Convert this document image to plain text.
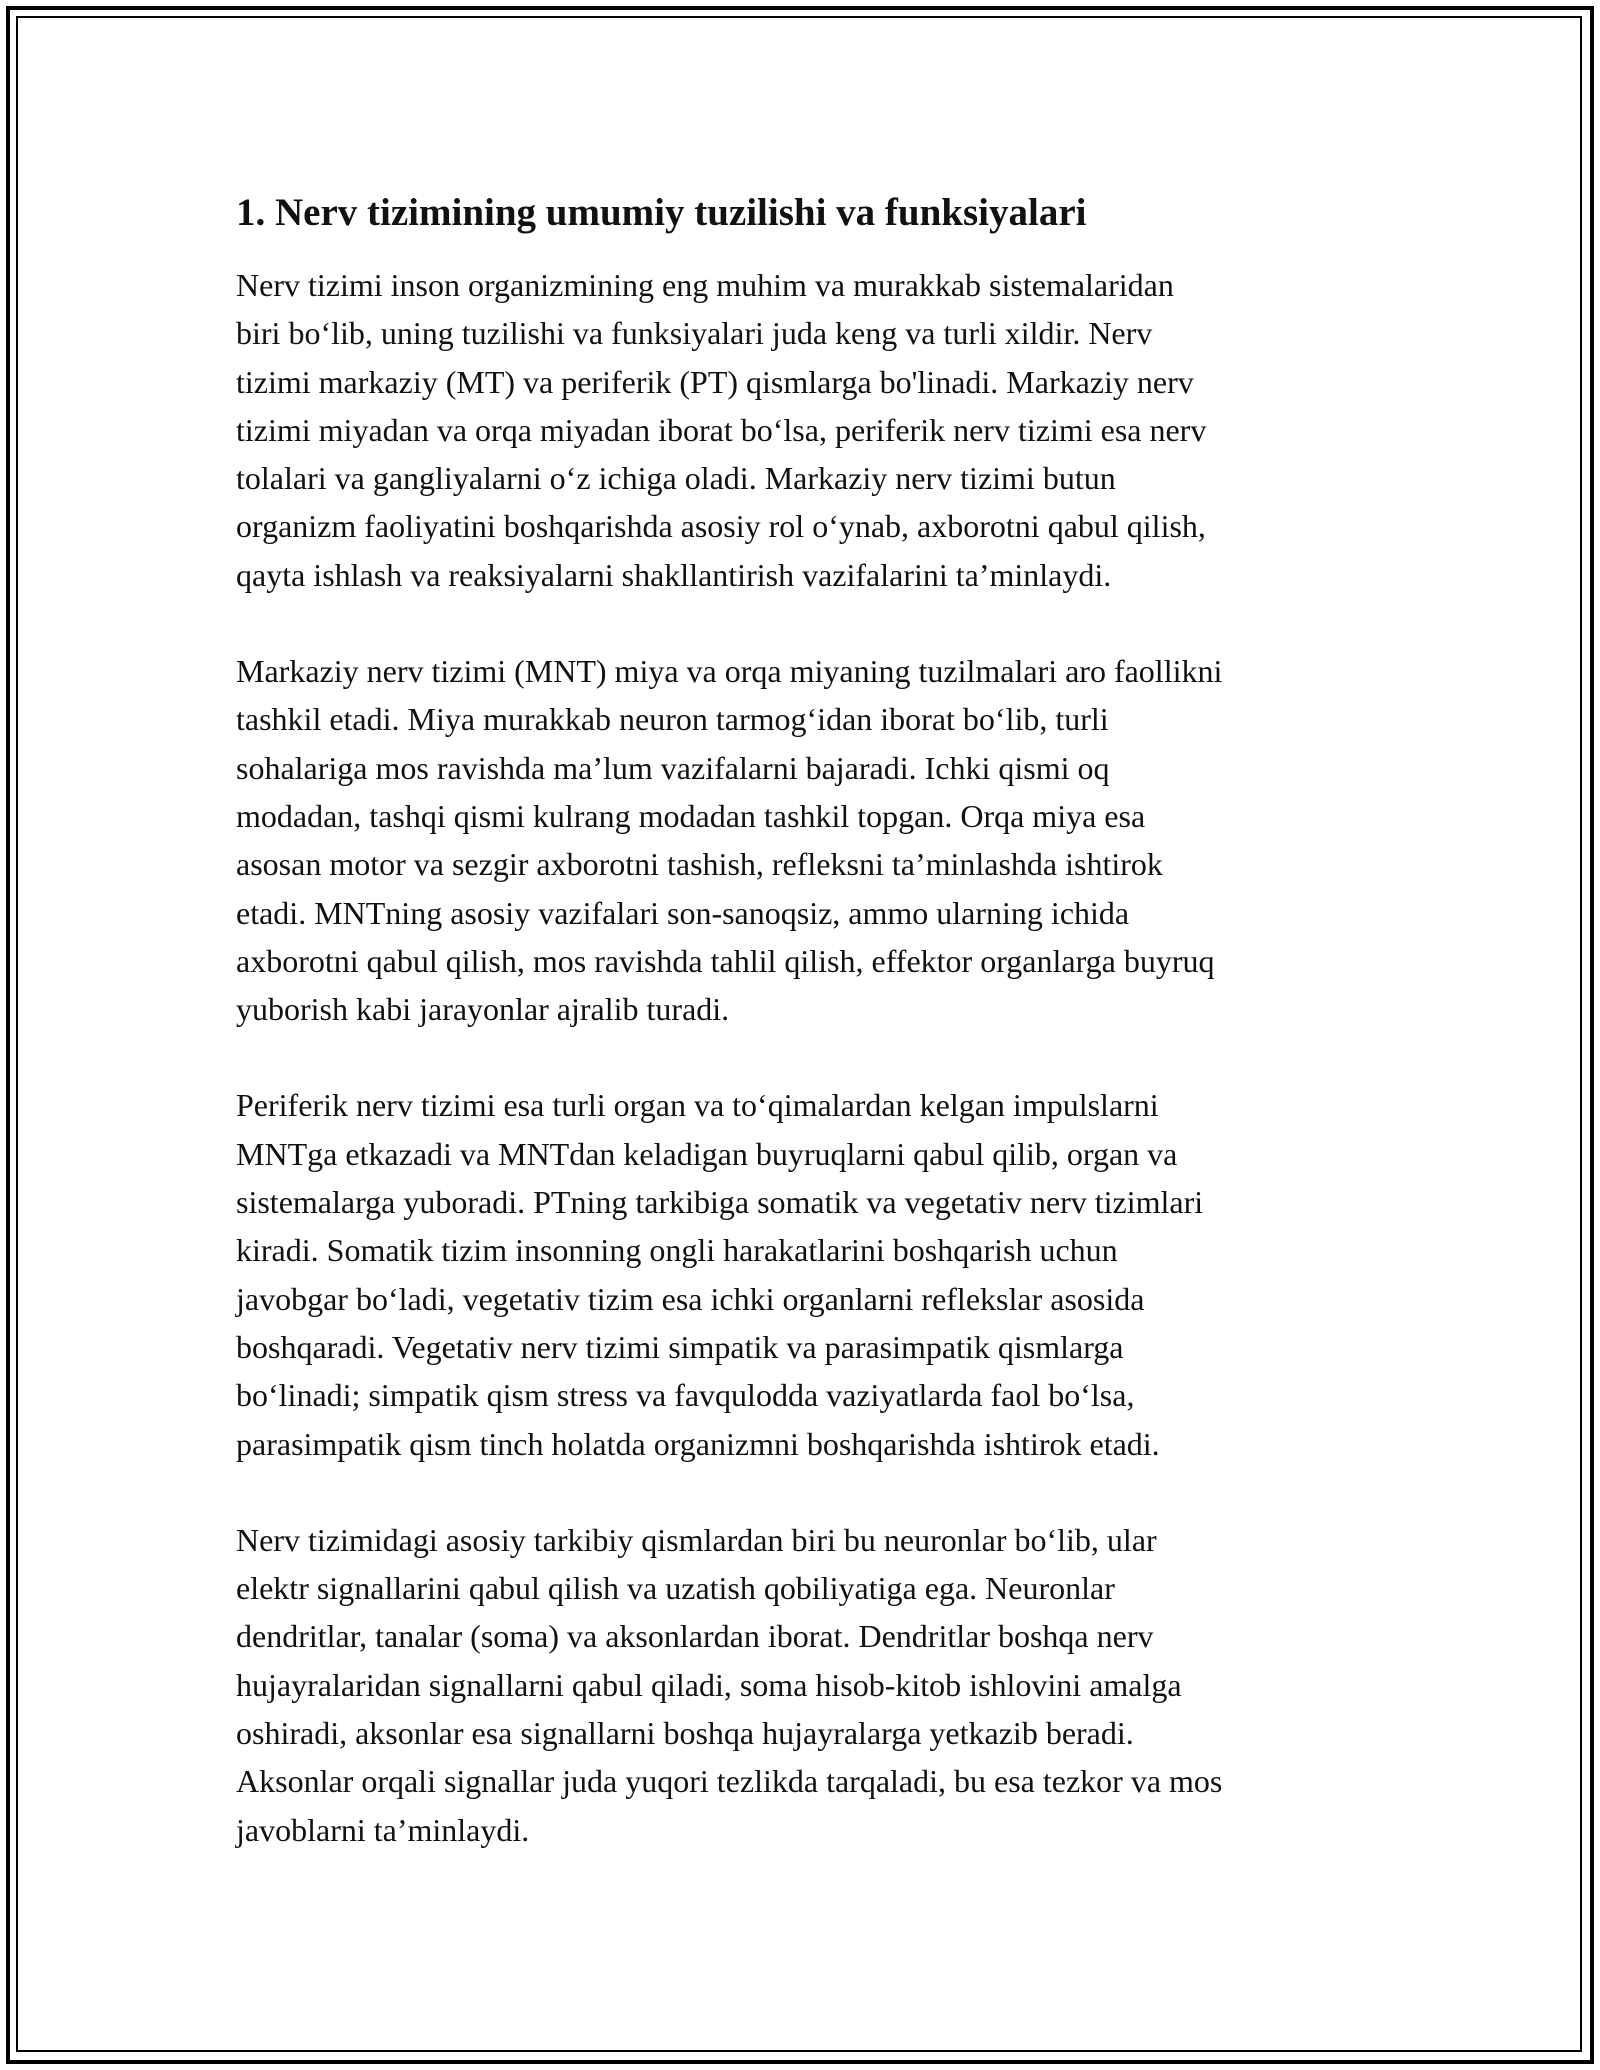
1. Nerv tizimining umumiy tuzilishi va funksiyalari

Nerv tizimi inson organizmining eng muhim va murakkab sistemalaridan
biri bo‘lib, uning tuzilishi va funksiyalari juda keng va turli xildir. Nerv
tizimi markaziy (MT) va periferik (PT) qismlarga bo'linadi. Markaziy nerv
tizimi miyadan va orqa miyadan iborat bo‘lsa, periferik nerv tizimi esa nerv
tolalari va gangliyalarni o‘z ichiga oladi. Markaziy nerv tizimi butun
organizm faoliyatini boshqarishda asosiy rol o‘ynab, axborotni qabul qilish,
qayta ishlash va reaksiyalarni shakllantirish vazifalarini ta’minlaydi.

Markaziy nerv tizimi (MNT) miya va orqa miyaning tuzilmalari aro faollikni
tashkil etadi. Miya murakkab neuron tarmog‘idan iborat bo‘lib, turli
sohalariga mos ravishda ma’lum vazifalarni bajaradi. Ichki qismi oq
modadan, tashqi qismi kulrang modadan tashkil topgan. Orqa miya esa
asosan motor va sezgir axborotni tashish, refleksni ta’minlashda ishtirok
etadi. MNTning asosiy vazifalari son-sanoqsiz, ammo ularning ichida
axborotni qabul qilish, mos ravishda tahlil qilish, effektor organlarga buyruq
yuborish kabi jarayonlar ajralib turadi.

Periferik nerv tizimi esa turli organ va to‘qimalardan kelgan impulslarni
MNTga etkazadi va MNTdan keladigan buyruqlarni qabul qilib, organ va
sistemalarga yuboradi. PTning tarkibiga somatik va vegetativ nerv tizimlari
kiradi. Somatik tizim insonning ongli harakatlarini boshqarish uchun
javobgar bo‘ladi, vegetativ tizim esa ichki organlarni reflekslar asosida
boshqaradi. Vegetativ nerv tizimi simpatik va parasimpatik qismlarga
bo‘linadi; simpatik qism stress va favqulodda vaziyatlarda faol bo‘lsa,
parasimpatik qism tinch holatda organizmni boshqarishda ishtirok etadi.

Nerv tizimidagi asosiy tarkibiy qismlardan biri bu neuronlar bo‘lib, ular
elektr signallarini qabul qilish va uzatish qobiliyatiga ega. Neuronlar
dendritlar, tanalar (soma) va aksonlardan iborat. Dendritlar boshqa nerv
hujayralaridan signallarni qabul qiladi, soma hisob-kitob ishlovini amalga
oshiradi, aksonlar esa signallarni boshqa hujayralarga yetkazib beradi.
Aksonlar orqali signallar juda yuqori tezlikda tarqaladi, bu esa tezkor va mos
javoblarni ta’minlaydi.
